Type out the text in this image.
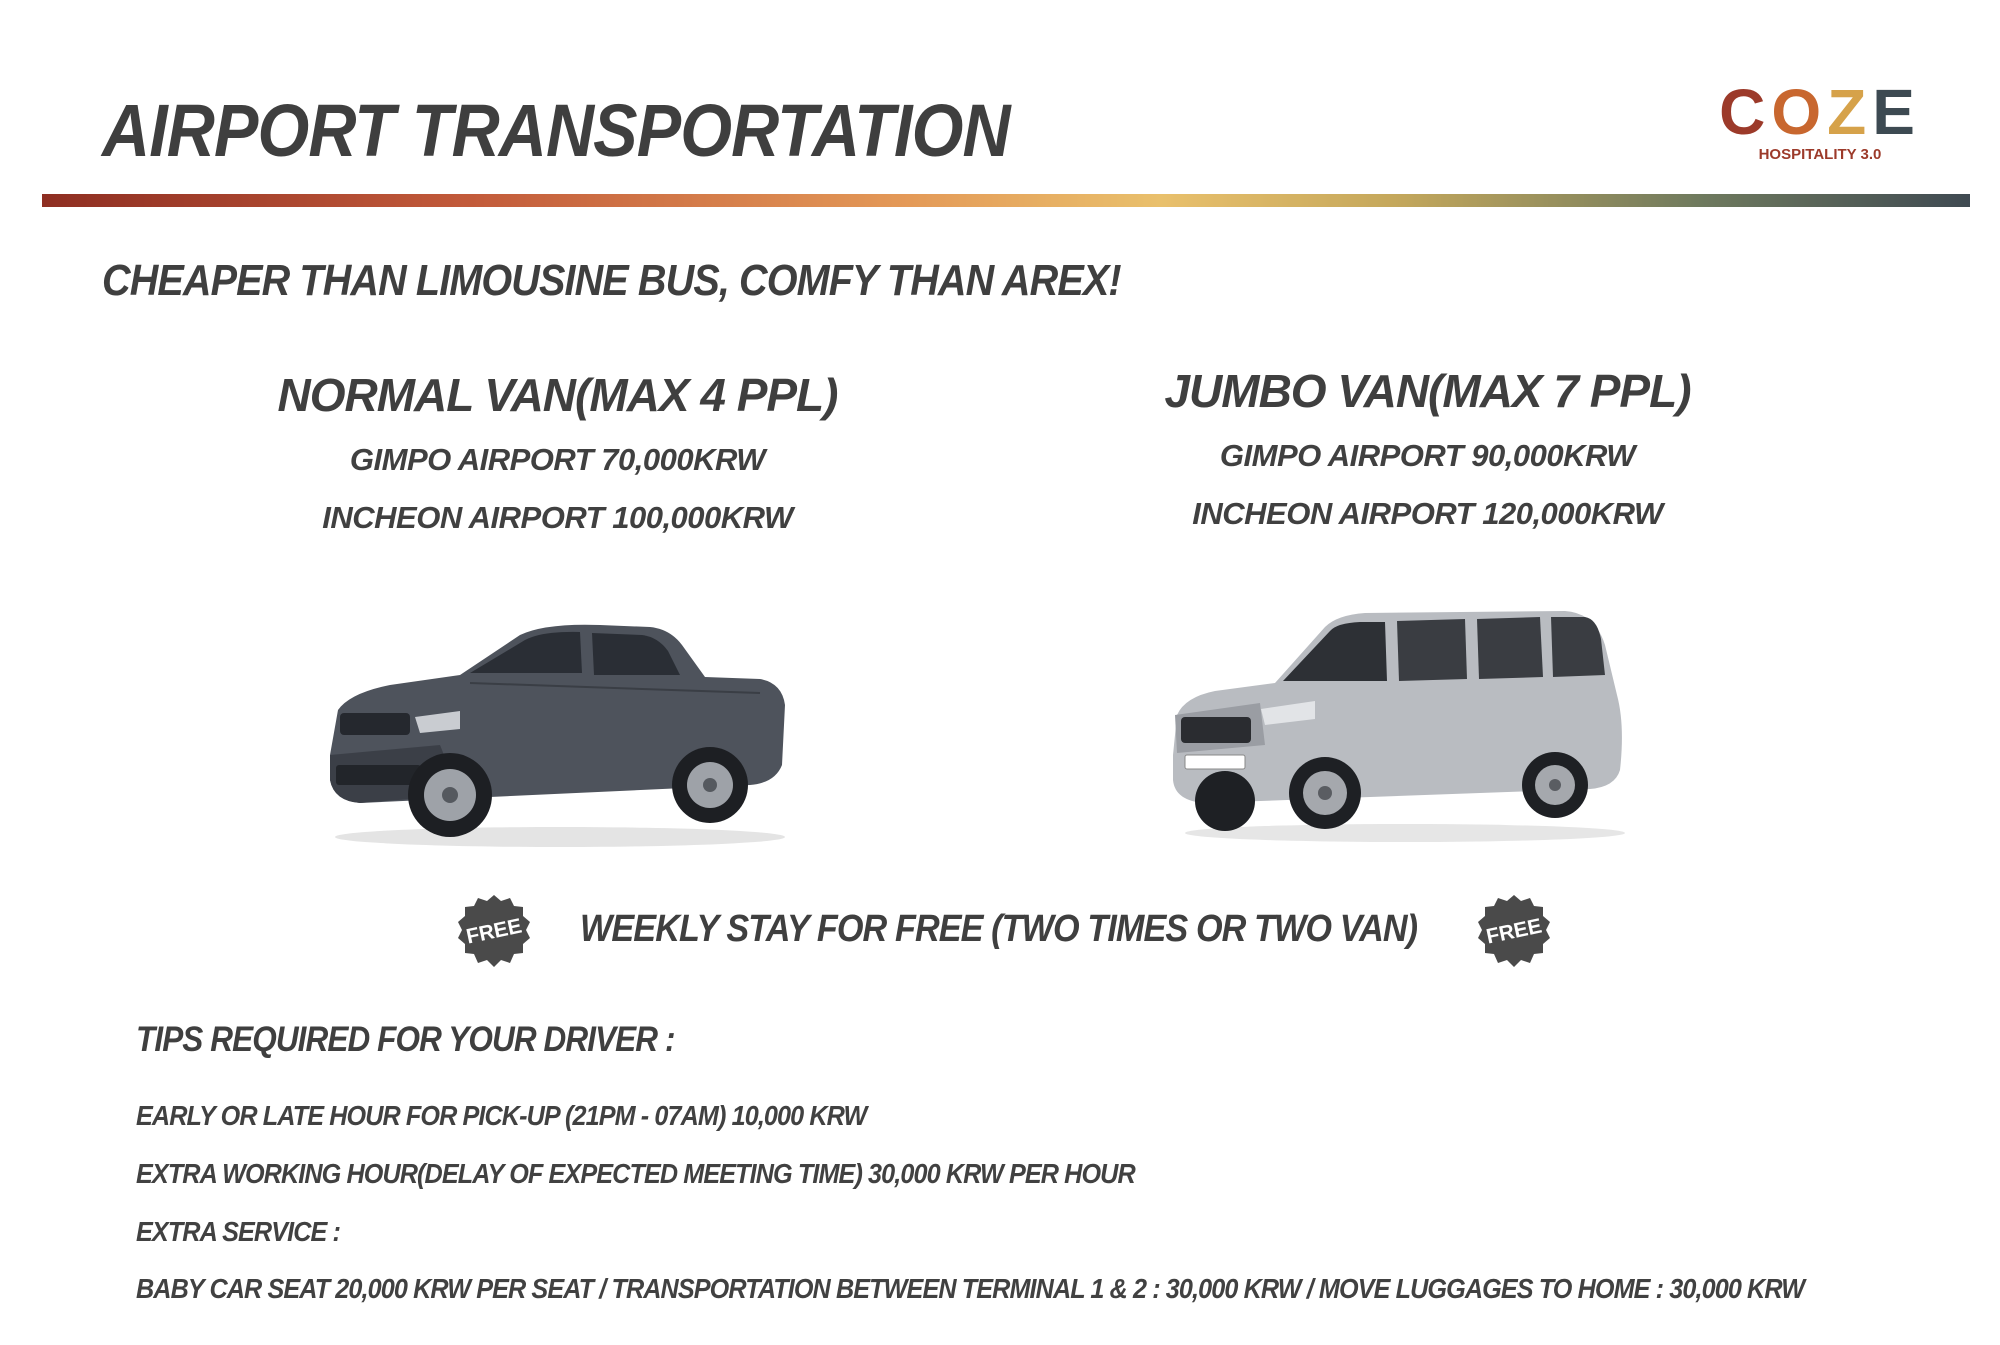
AIRPORT TRANSPORTATION	COZE
HOSPITALITY 3.0
CHEAPER THAN LIMOUSINE BUS, COMFY THAN AREX!
NORMAL VAN(MAX 4 PPL)
GIMPO AIRPORT 70,000KRW
INCHEON AIRPORT 100,000KRW
JUMBO VAN(MAX 7 PPL)
GIMPO AIRPORT 90,000KRW
INCHEON AIRPORT 120,000KRW
FREE WEEKLY STAY FOR FREE (TWO TIMES OR TWO VAN)	FREE
TIPS REQUIRED FOR YOUR DRIVER :
EARLY OR LATE HOUR FOR PICK-UP (21PM - 07AM) 10,000 KRW
EXTRA WORKING HOUR(DELAY OF EXPECTED MEETING TIME) 30,000 KRW PER HOUR
EXTRA SERVICE :
BABY CAR SEAT 20,000 KRW PER SEAT / TRANSPORTATION BETWEEN TERMINAL 1 & 2 : 30,000 KRW / MOVE LUGGAGES TO HOME : 30,000 KRW
